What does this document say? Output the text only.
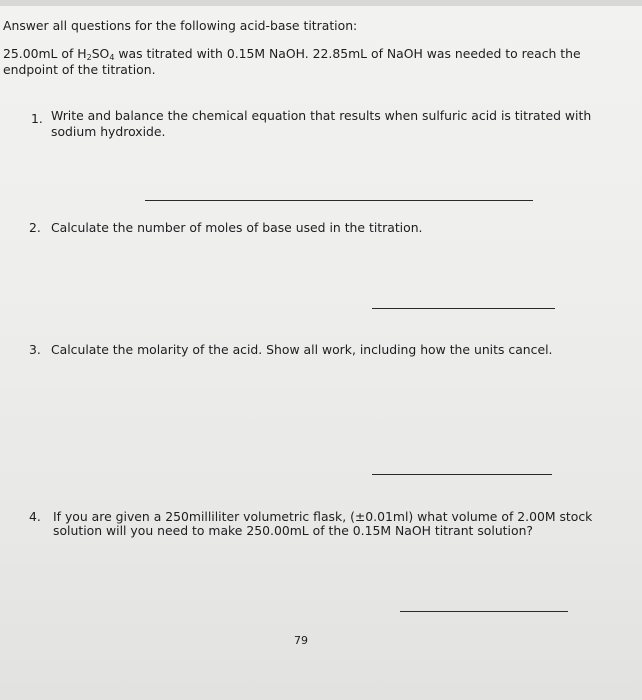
Answer all questions for the following acid-base titration:
25.00mL of $H_2SO_4$ was titrated with 0.15M NaOH. 22.85mL of NaOH was needed to reach the
endpoint of the titration.
1. Write and balance the chemical equation that results when sulfuric acid is titrated with
sodium hydroxide.
2. Calculate the number of moles of base used in the titration.
3. Calculate the molarity of the acid. Show all work, including how the units cancel.
4. If you are given a 250milliliter volumetric flask, (±0.01ml) what volume of 2.00M stock
solution will you need to make 250.00mL of the 0.15M NaOH titrant solution?
79
